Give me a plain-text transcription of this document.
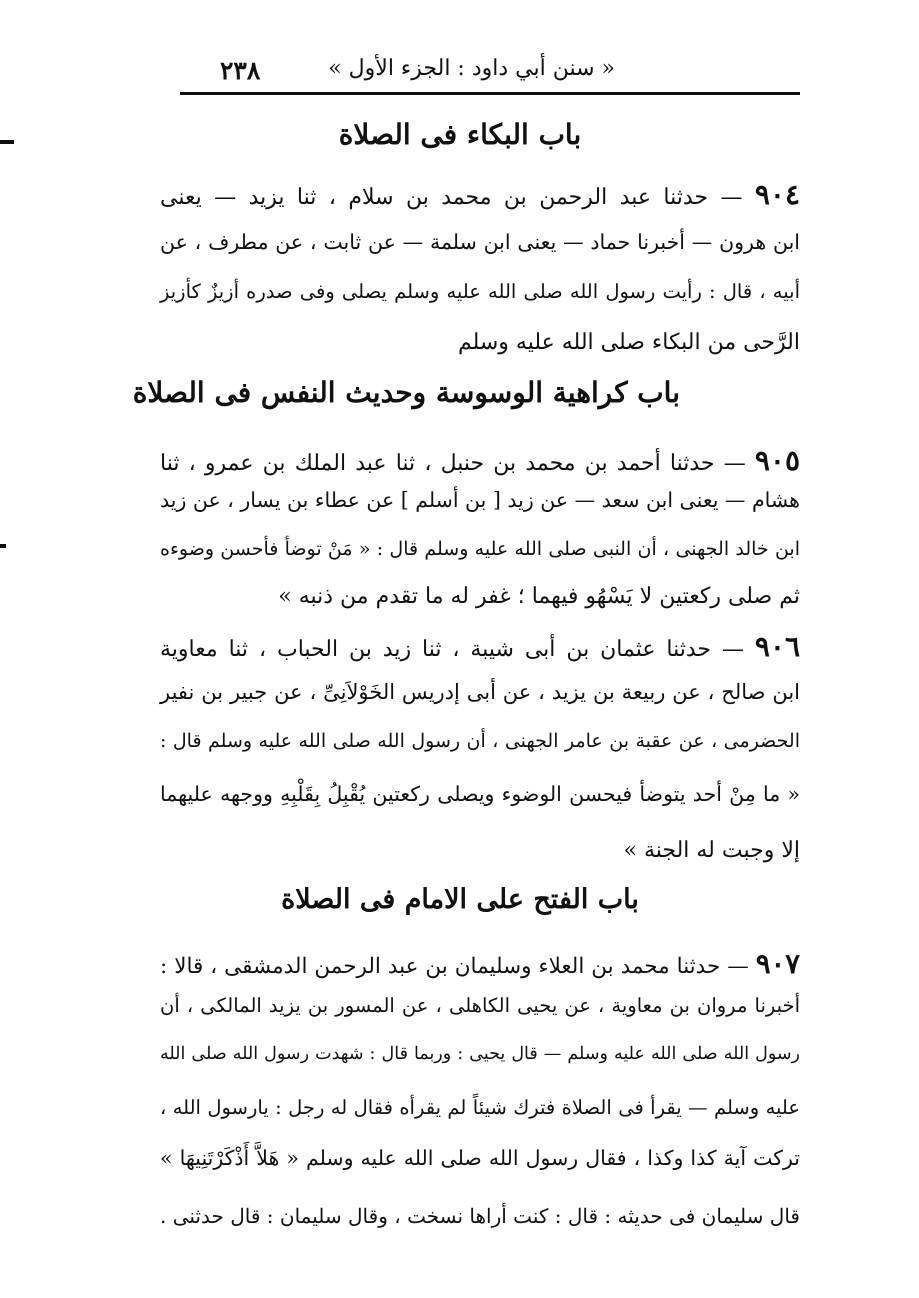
٢٣٨	« سنن أبي داود : الجزء الأول »
باب البكاء فى الصلاة
٩٠٤ — حدثنا عبد الرحمن بن محمد بن سلام ، ثنا يزيد — يعنى
ابن هرون — أخبرنا حماد — يعنى ابن سلمة — عن ثابت ، عن مطرف ، عن
أبيه ، قال : رأيت رسول الله صلى الله عليه وسلم يصلى وفى صدره أزيزٌ كأزيز
الرَّحى من البكاء صلى الله عليه وسلم
باب كراهية الوسوسة وحديث النفس فى الصلاة
٩٠٥ — حدثنا أحمد بن محمد بن حنبل ، ثنا عبد الملك بن عمرو ، ثنا
هشام — يعنى ابن سعد — عن زيد [ بن أسلم ] عن عطاء بن يسار ، عن زيد
ابن خالد الجهنى ، أن النبى صلى الله عليه وسلم قال : « مَنْ توضأ فأحسن وضوءه
ثم صلى ركعتين لا يَسْهُو فيهما ؛ غفر له ما تقدم من ذنبه »
٩٠٦ — حدثنا عثمان بن أبى شيبة ، ثنا زيد بن الحباب ، ثنا معاوية
ابن صالح ، عن ربيعة بن يزيد ، عن أبى إدريس الخَوْلاَنِىِّ ، عن جبير بن نفير
الحضرمى ، عن عقبة بن عامر الجهنى ، أن رسول الله صلى الله عليه وسلم قال :
« ما مِنْ أحد يتوضأ فيحسن الوضوء ويصلى ركعتين يُقْبِلُ بِقَلْبِهِ ووجهه عليهما
إلا وجبت له الجنة »
باب الفتح على الامام فى الصلاة
٩٠٧ — حدثنا محمد بن العلاء وسليمان بن عبد الرحمن الدمشقى ، قالا :
أخبرنا مروان بن معاوية ، عن يحيى الكاهلى ، عن المسور بن يزيد المالكى ، أن
رسول الله صلى الله عليه وسلم — قال يحيى : وربما قال : شهدت رسول الله صلى الله
عليه وسلم — يقرأ فى الصلاة فترك شيئاً لم يقرأه فقال له رجل : يارسول الله ،
تركت آية كذا وكذا ، فقال رسول الله صلى الله عليه وسلم « هَلاَّ أَذْكَرْتَنِيهَا »
قال سليمان فى حديثه : قال : كنت أراها نسخت ، وقال سليمان : قال حدثنى .
